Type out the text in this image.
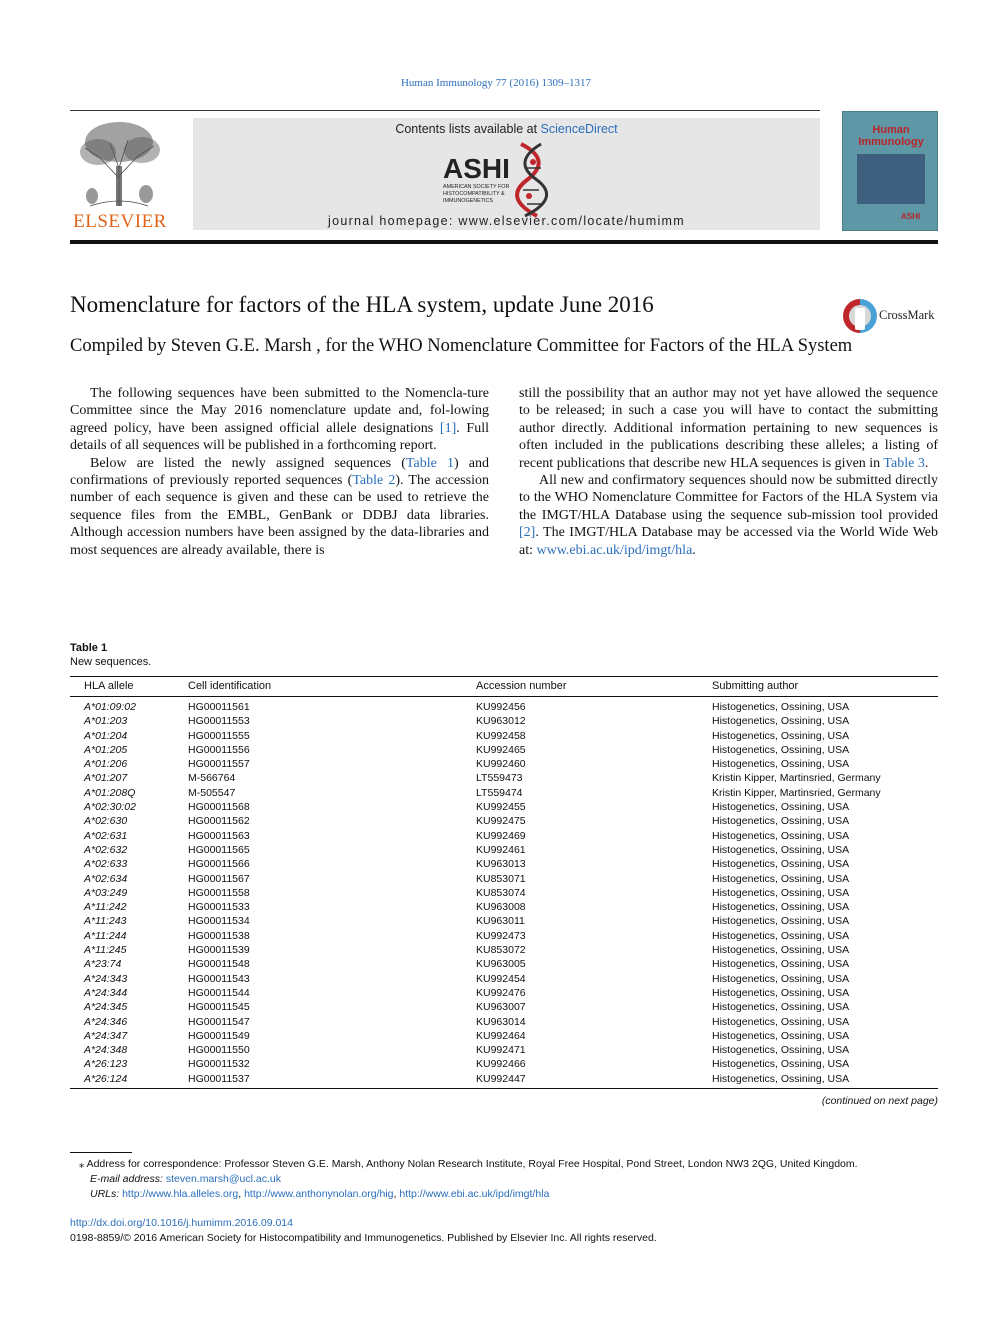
Human Immunology 77 (2016) 1309–1317
ELSEVIER
Contents lists available at ScienceDirect
ASHI
AMERICAN SOCIETY FOR
HISTOCOMPATIBILITY &
IMMUNOGENETICS
journal homepage: www.elsevier.com/locate/humimm
Human Immunology
ASHI
Nomenclature for factors of the HLA system, update June 2016	CrossMark
Compiled by Steven G.E. Marsh , for the WHO Nomenclature Committee for Factors of the HLA System

The following sequences have been submitted to the Nomencla-ture Committee since the May 2016 nomenclature update and, fol-lowing agreed policy, have been assigned official allele designations [1]. Full details of all sequences will be published in a forthcoming report.

Below are listed the newly assigned sequences (Table 1) and confirmations of previously reported sequences (Table 2). The accession number of each sequence is given and these can be used to retrieve the sequence files from the EMBL, GenBank or DDBJ data libraries. Although accession numbers have been assigned by the data-libraries and most sequences are already available, there is

still the possibility that an author may not yet have allowed the sequence to be released; in such a case you will have to contact the submitting author directly. Additional information pertaining to new sequences is often included in the publications describing these alleles; a listing of recent publications that describe new HLA sequences is given in Table 3.

All new and confirmatory sequences should now be submitted directly to the WHO Nomenclature Committee for Factors of the HLA System via the IMGT/HLA Database using the sequence sub-mission tool provided [2]. The IMGT/HLA Database may be accessed via the World Wide Web at: www.ebi.ac.uk/ipd/imgt/hla.

Table 1
New sequences.
HLA allele	Cell identification	Accession number	Submitting author
A*01:09:02	HG00011561	KU992456	Histogenetics, Ossining, USA
A*01:203	HG00011553	KU963012	Histogenetics, Ossining, USA
A*01:204	HG00011555	KU992458	Histogenetics, Ossining, USA
A*01:205	HG00011556	KU992465	Histogenetics, Ossining, USA
A*01:206	HG00011557	KU992460	Histogenetics, Ossining, USA
A*01:207	M-566764	LT559473	Kristin Kipper, Martinsried, Germany
A*01:208Q	M-505547	LT559474	Kristin Kipper, Martinsried, Germany
A*02:30:02	HG00011568	KU992455	Histogenetics, Ossining, USA
A*02:630	HG00011562	KU992475	Histogenetics, Ossining, USA
A*02:631	HG00011563	KU992469	Histogenetics, Ossining, USA
A*02:632	HG00011565	KU992461	Histogenetics, Ossining, USA
A*02:633	HG00011566	KU963013	Histogenetics, Ossining, USA
A*02:634	HG00011567	KU853071	Histogenetics, Ossining, USA
A*03:249	HG00011558	KU853074	Histogenetics, Ossining, USA
A*11:242	HG00011533	KU963008	Histogenetics, Ossining, USA
A*11:243	HG00011534	KU963011	Histogenetics, Ossining, USA
A*11:244	HG00011538	KU992473	Histogenetics, Ossining, USA
A*11:245	HG00011539	KU853072	Histogenetics, Ossining, USA
A*23:74	HG00011548	KU963005	Histogenetics, Ossining, USA
A*24:343	HG00011543	KU992454	Histogenetics, Ossining, USA
A*24:344	HG00011544	KU992476	Histogenetics, Ossining, USA
A*24:345	HG00011545	KU963007	Histogenetics, Ossining, USA
A*24:346	HG00011547	KU963014	Histogenetics, Ossining, USA
A*24:347	HG00011549	KU992464	Histogenetics, Ossining, USA
A*24:348	HG00011550	KU992471	Histogenetics, Ossining, USA
A*26:123	HG00011532	KU992466	Histogenetics, Ossining, USA
A*26:124	HG00011537	KU992447	Histogenetics, Ossining, USA
(continued on next page)
⁎ Address for correspondence: Professor Steven G.E. Marsh, Anthony Nolan Research Institute, Royal Free Hospital, Pond Street, London NW3 2QG, United Kingdom.
E-mail address: steven.marsh@ucl.ac.uk
URLs: http://www.hla.alleles.org, http://www.anthonynolan.org/hig, http://www.ebi.ac.uk/ipd/imgt/hla
http://dx.doi.org/10.1016/j.humimm.2016.09.014
0198-8859/© 2016 American Society for Histocompatibility and Immunogenetics. Published by Elsevier Inc. All rights reserved.
